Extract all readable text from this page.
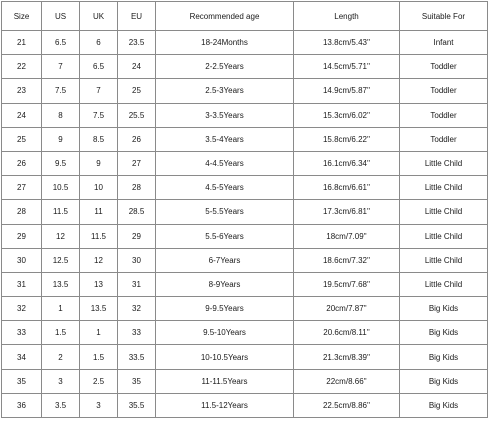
Size	US	UK	EU	Recommended age	Length	Suitable For
21	6.5	6	23.5	18-24Months	13.8cm/5.43''	Infant
22	7	6.5	24	2-2.5Years	14.5cm/5.71''	Toddler
23	7.5	7	25	2.5-3Years	14.9cm/5.87''	Toddler
24	8	7.5	25.5	3-3.5Years	15.3cm/6.02''	Toddler
25	9	8.5	26	3.5-4Years	15.8cm/6.22''	Toddler
26	9.5	9	27	4-4.5Years	16.1cm/6.34''	Little Child
27	10.5	10	28	4.5-5Years	16.8cm/6.61''	Little Child
28	11.5	11	28.5	5-5.5Years	17.3cm/6.81''	Little Child
29	12	11.5	29	5.5-6Years	18cm/7.09''	Little Child
30	12.5	12	30	6-7Years	18.6cm/7.32''	Little Child
31	13.5	13	31	8-9Years	19.5cm/7.68''	Little Child
32	1	13.5	32	9-9.5Years	20cm/7.87''	Big Kids
33	1.5	1	33	9.5-10Years	20.6cm/8.11''	Big Kids
34	2	1.5	33.5	10-10.5Years	21.3cm/8.39''	Big Kids
35	3	2.5	35	11-11.5Years	22cm/8.66''	Big Kids
36	3.5	3	35.5	11.5-12Years	22.5cm/8.86''	Big Kids
